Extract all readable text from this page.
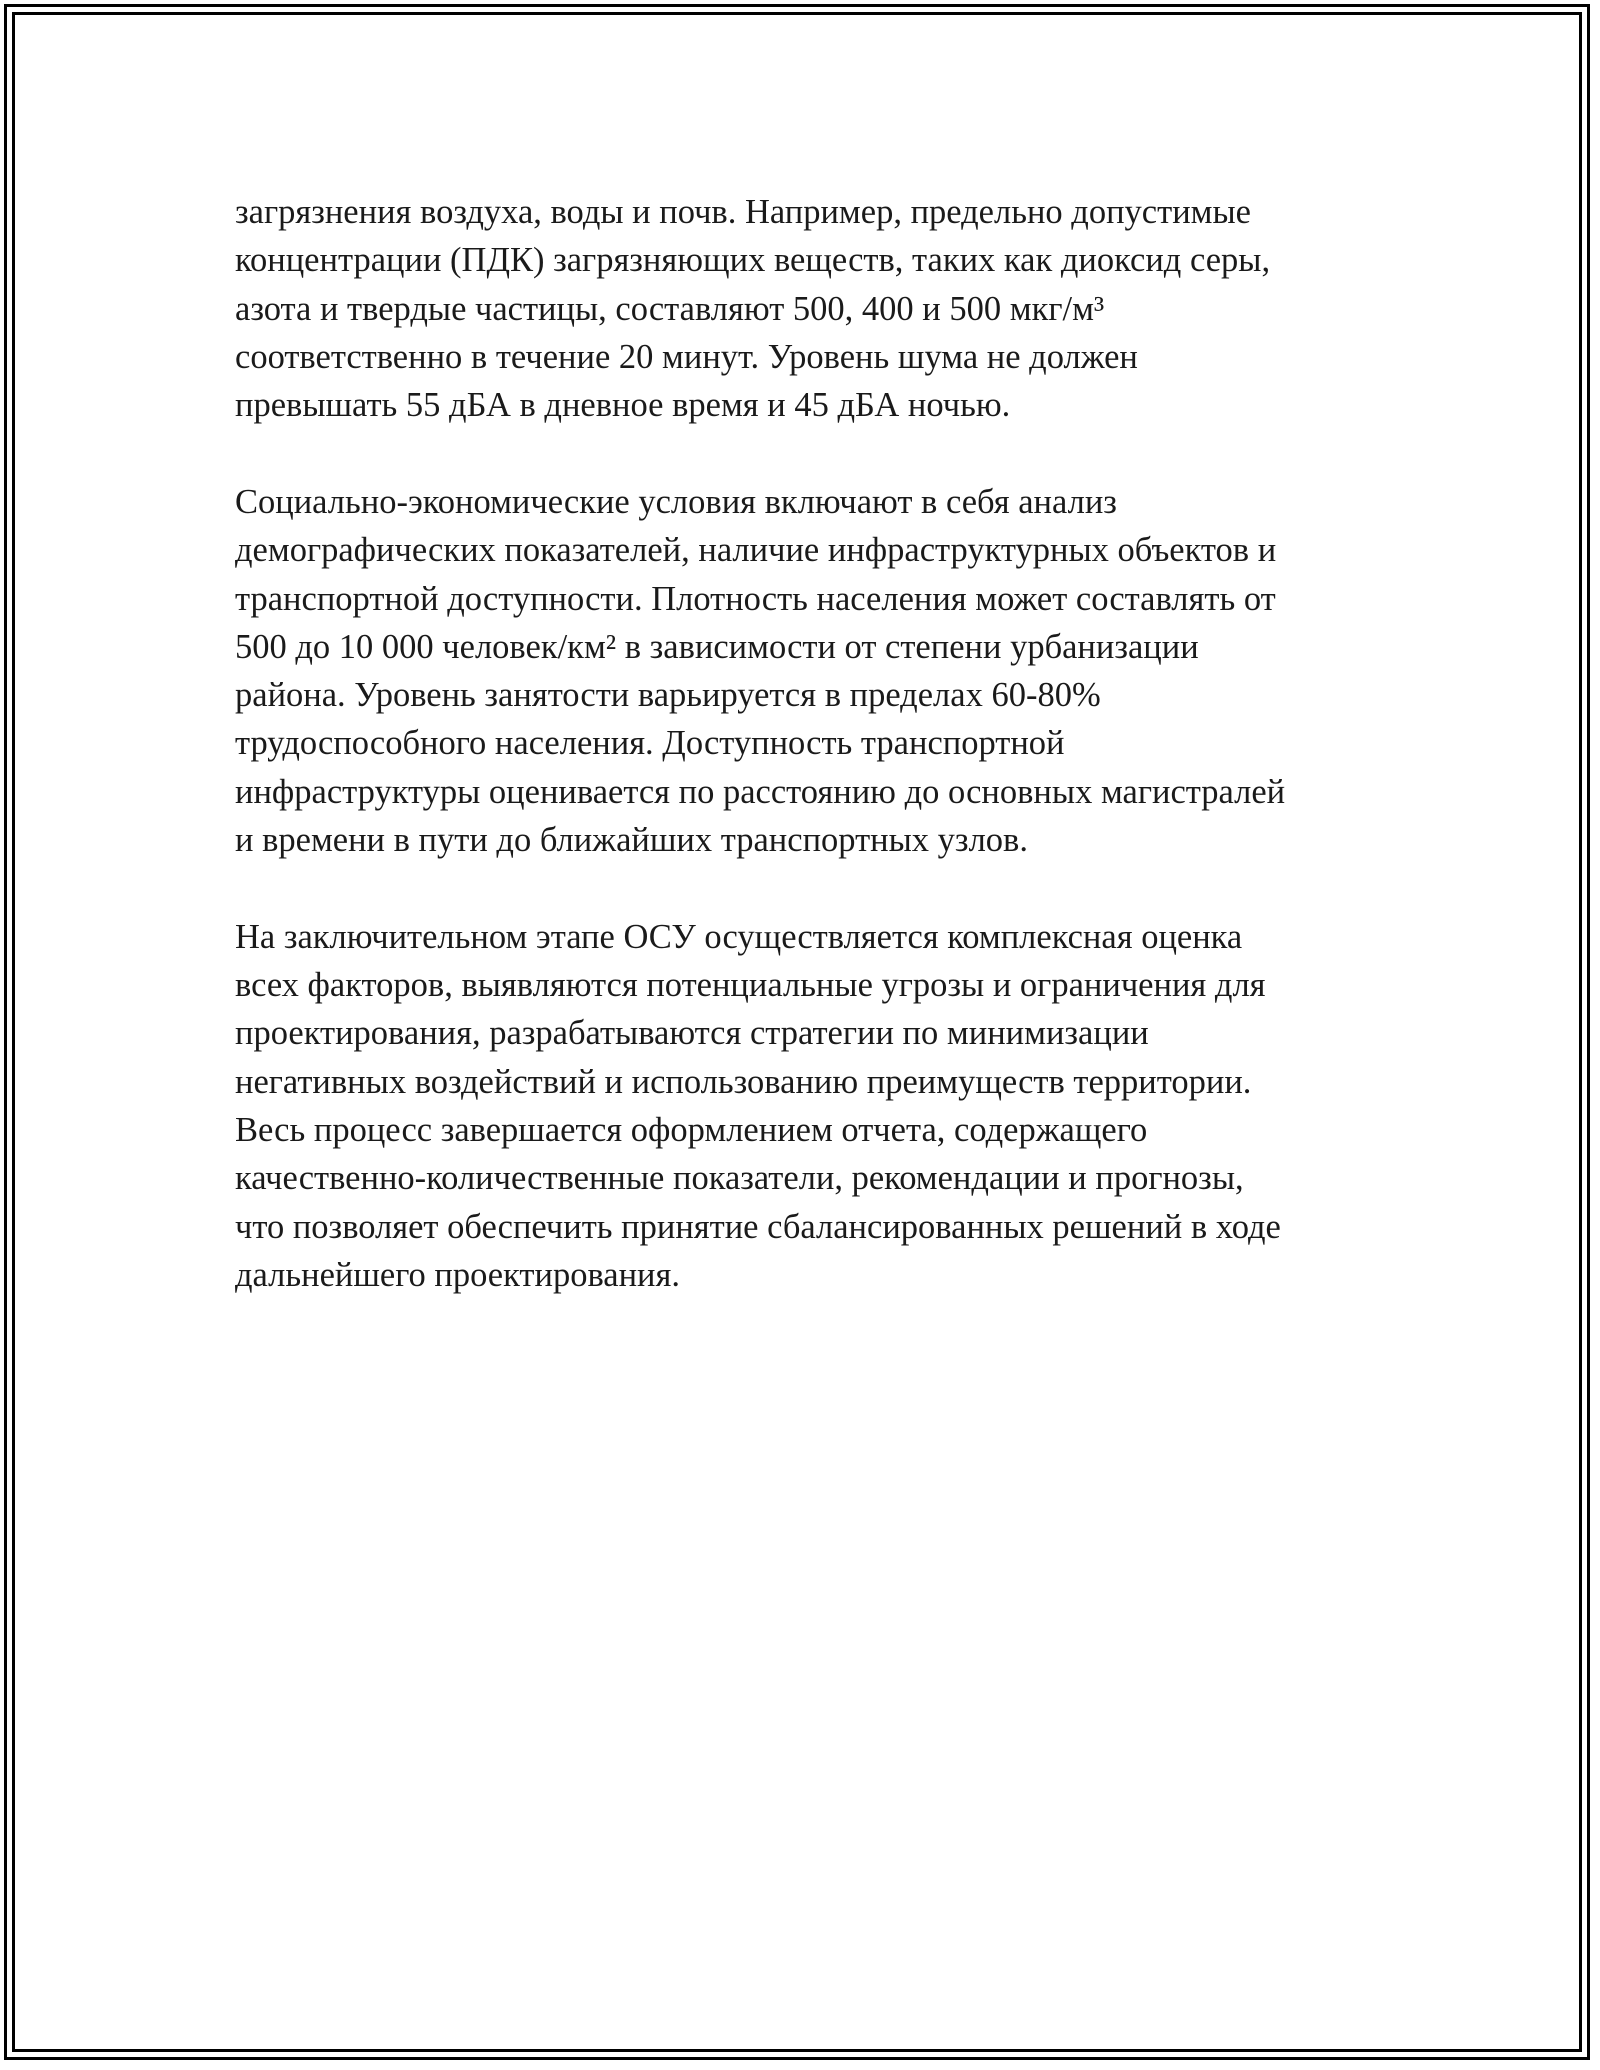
загрязнения воздуха, воды и почв. Например, предельно допустимые
концентрации (ПДК) загрязняющих веществ, таких как диоксид серы,
азота и твердые частицы, составляют 500, 400 и 500 мкг/м³
соответственно в течение 20 минут. Уровень шума не должен
превышать 55 дБА в дневное время и 45 дБА ночью.

Социально-экономические условия включают в себя анализ
демографических показателей, наличие инфраструктурных объектов и
транспортной доступности. Плотность населения может составлять от
500 до 10 000 человек/км² в зависимости от степени урбанизации
района. Уровень занятости варьируется в пределах 60-80%
трудоспособного населения. Доступность транспортной
инфраструктуры оценивается по расстоянию до основных магистралей
и времени в пути до ближайших транспортных узлов.

На заключительном этапе ОСУ осуществляется комплексная оценка
всех факторов, выявляются потенциальные угрозы и ограничения для
проектирования, разрабатываются стратегии по минимизации
негативных воздействий и использованию преимуществ территории.
Весь процесс завершается оформлением отчета, содержащего
качественно-количественные показатели, рекомендации и прогнозы,
что позволяет обеспечить принятие сбалансированных решений в ходе
дальнейшего проектирования.
